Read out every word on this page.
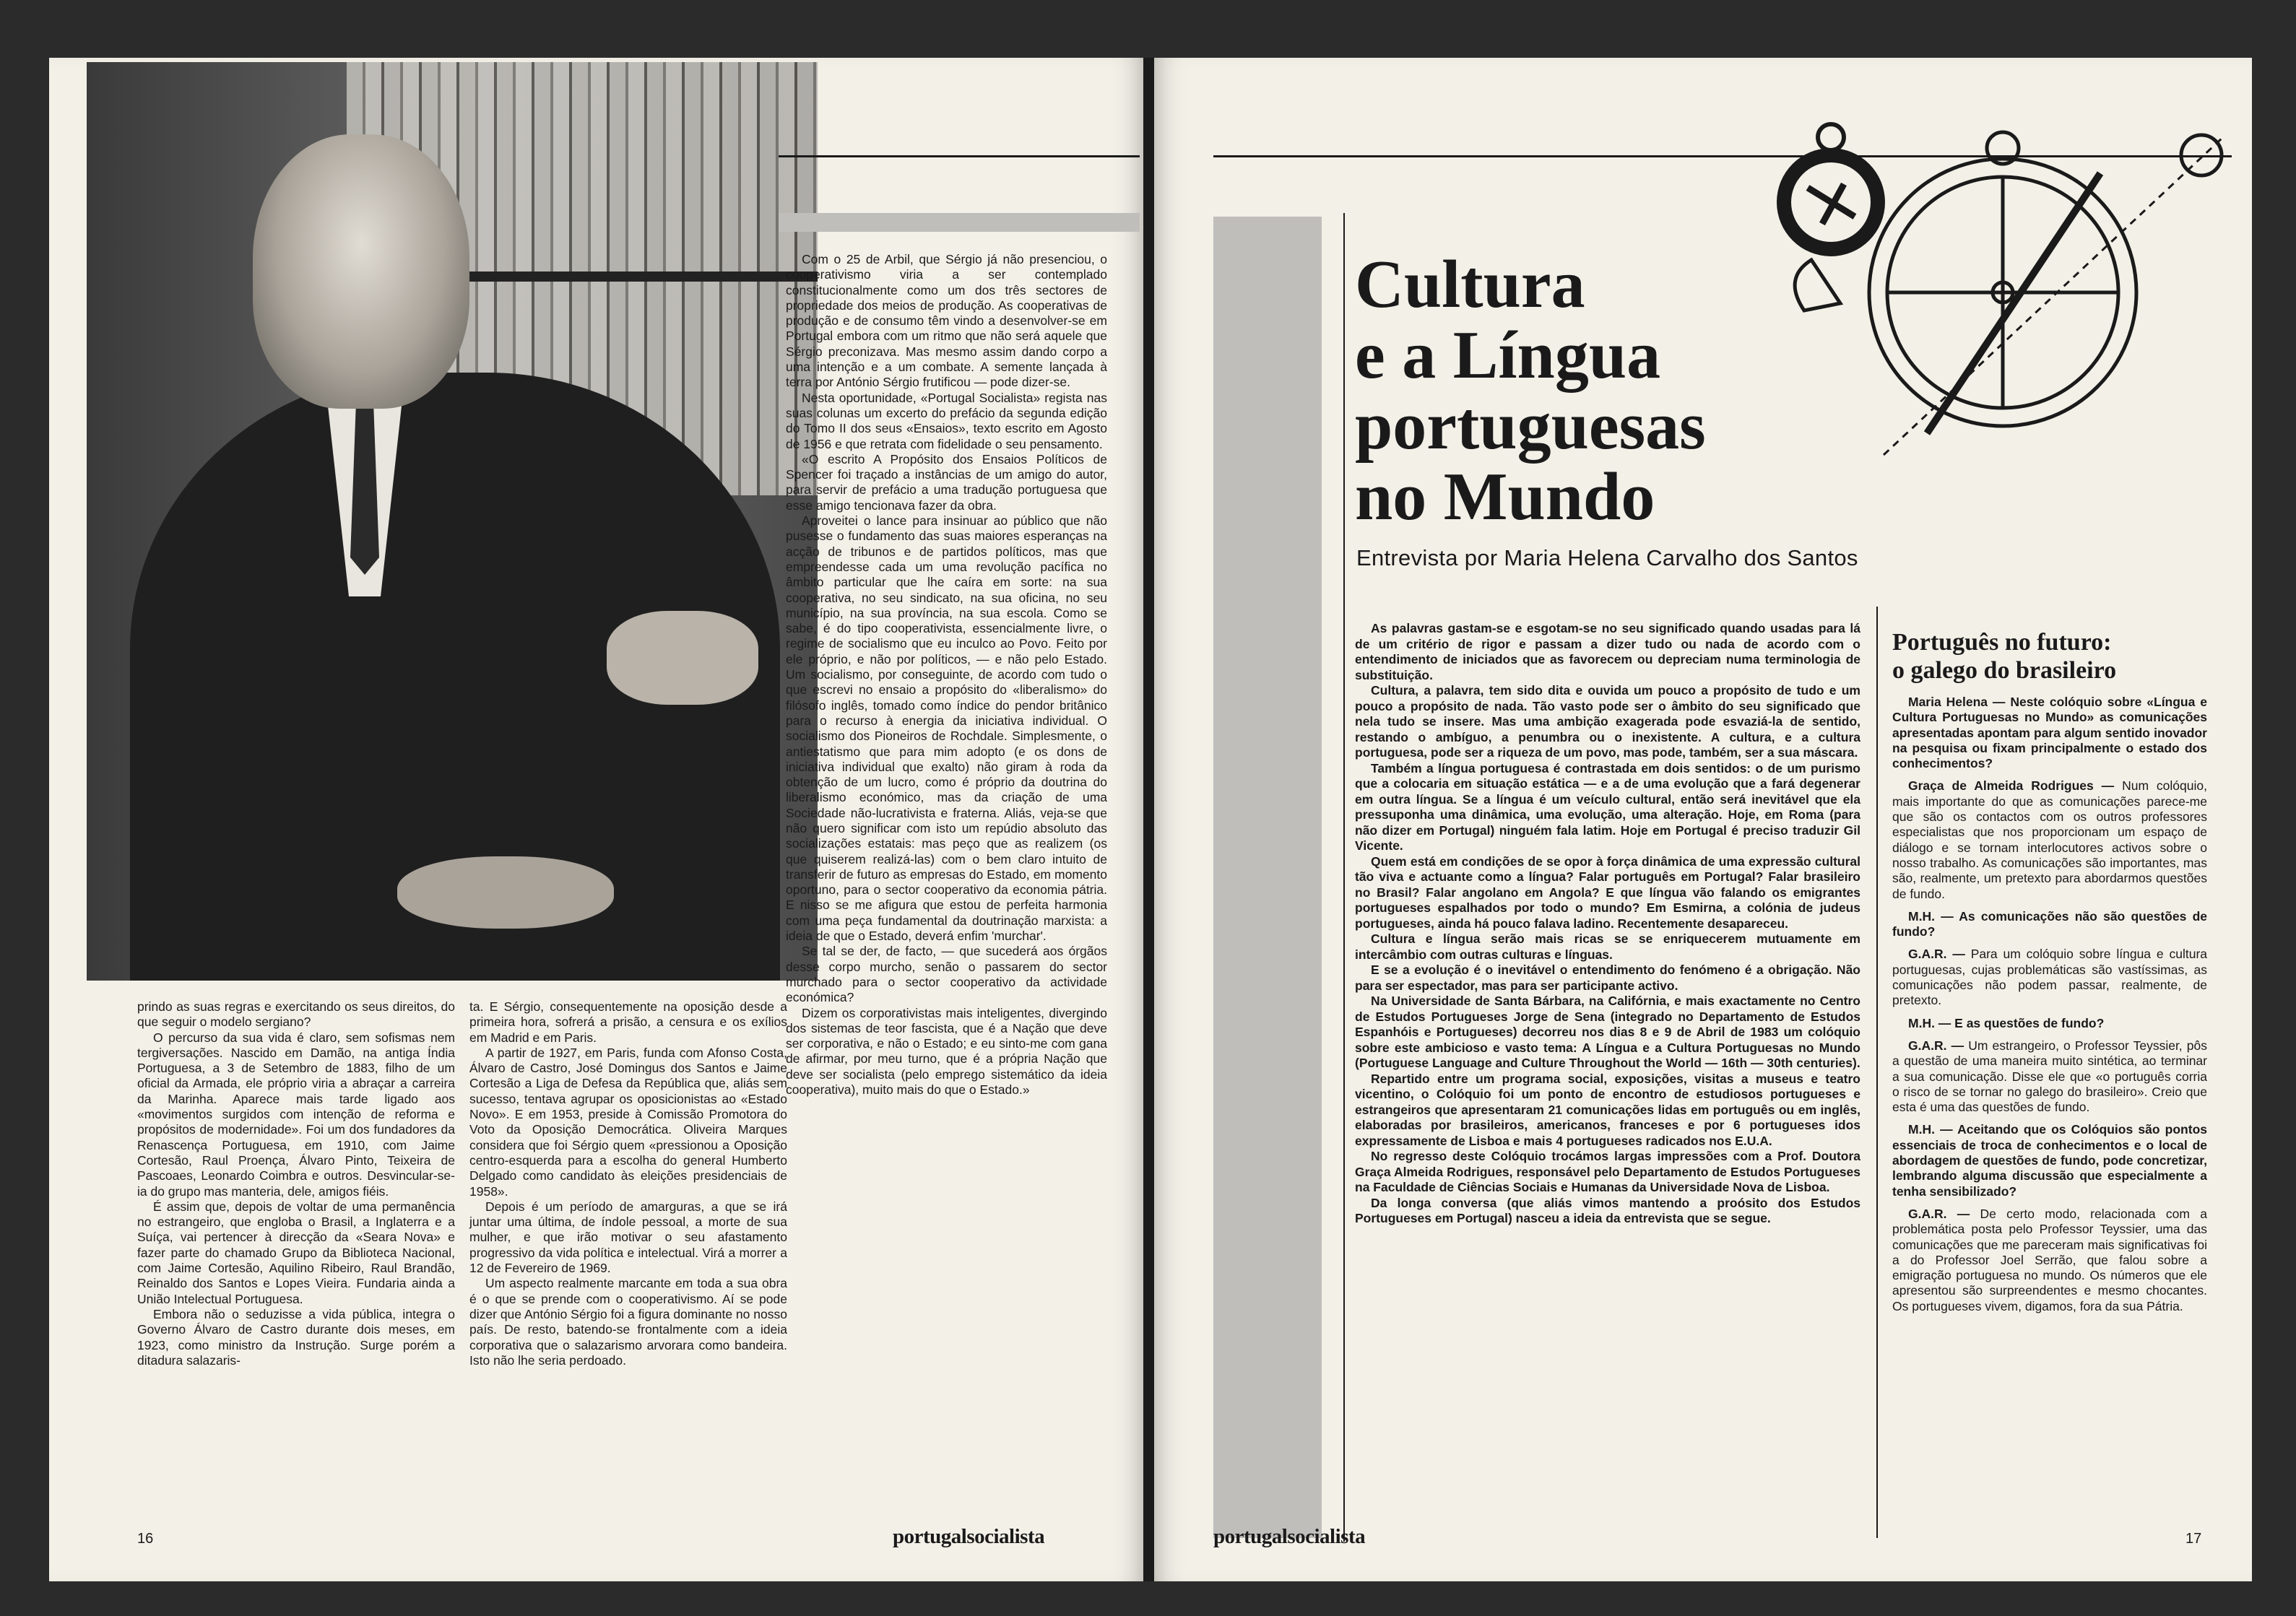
prindo as suas regras e exercitando os seus direitos, do que seguir o modelo sergiano?

O percurso da sua vida é claro, sem sofismas nem tergiversações. Nascido em Damão, na antiga Índia Portuguesa, a 3 de Setembro de 1883, filho de um oficial da Armada, ele próprio viria a abraçar a carreira da Marinha. Aparece mais tarde ligado aos «movimentos surgidos com intenção de reforma e propósitos de modernidade». Foi um dos fundadores da Renascença Portuguesa, em 1910, com Jaime Cortesão, Raul Proença, Álvaro Pinto, Teixeira de Pascoaes, Leonardo Coimbra e outros. Desvincular-se-ia do grupo mas manteria, dele, amigos fiéis.

É assim que, depois de voltar de uma permanência no estrangeiro, que engloba o Brasil, a Inglaterra e a Suíça, vai pertencer à direcção da «Seara Nova» e fazer parte do chamado Grupo da Biblioteca Nacional, com Jaime Cortesão, Aquilino Ribeiro, Raul Brandão, Reinaldo dos Santos e Lopes Vieira. Fundaria ainda a União Intelectual Portuguesa.

Embora não o seduzisse a vida pública, integra o Governo Álvaro de Castro durante dois meses, em 1923, como ministro da Instrução. Surge porém a ditadura salazaris-

ta. E Sérgio, consequentemente na oposição desde a primeira hora, sofrerá a prisão, a censura e os exílios em Madrid e em Paris.

A partir de 1927, em Paris, funda com Afonso Costa, Álvaro de Castro, José Domingus dos Santos e Jaime Cortesão a Liga de Defesa da República que, aliás sem sucesso, tentava agrupar os oposicionistas ao «Estado Novo». E em 1953, preside à Comissão Promotora do Voto da Oposição Democrática. Oliveira Marques considera que foi Sérgio quem «pressionou a Oposição centro-esquerda para a escolha do general Humberto Delgado como candidato às eleições presidenciais de 1958».

Depois é um período de amarguras, a que se irá juntar uma última, de índole pessoal, a morte de sua mulher, e que irão motivar o seu afastamento progressivo da vida política e intelectual. Virá a morrer a 12 de Fevereiro de 1969.

Um aspecto realmente marcante em toda a sua obra é o que se prende com o cooperativismo. Aí se pode dizer que António Sérgio foi a figura dominante no nosso país. De resto, batendo-se frontalmente com a ideia corporativa que o salazarismo arvorara como bandeira. Isto não lhe seria perdoado.

Com o 25 de Arbil, que Sérgio já não presenciou, o cooperativismo viria a ser contemplado constitucionalmente como um dos três sectores de propriedade dos meios de produção. As cooperativas de produção e de consumo têm vindo a desenvolver-se em Portugal embora com um ritmo que não será aquele que Sérgio preconizava. Mas mesmo assim dando corpo a uma intenção e a um combate. A semente lançada à terra por António Sérgio frutificou — pode dizer-se.

Nesta oportunidade, «Portugal Socialista» regista nas suas colunas um excerto do prefácio da segunda edição do Tomo II dos seus «Ensaios», texto escrito em Agosto de 1956 e que retrata com fidelidade o seu pensamento.

«O escrito A Propósito dos Ensaios Políticos de Spencer foi traçado a instâncias de um amigo do autor, para servir de prefácio a uma tradução portuguesa que esse amigo tencionava fazer da obra.

Aproveitei o lance para insinuar ao público que não pusesse o fundamento das suas maiores esperanças na acção de tribunos e de partidos políticos, mas que empreendesse cada um uma revolução pacífica no âmbito particular que lhe caíra em sorte: na sua cooperativa, no seu sindicato, na sua oficina, no seu município, na sua província, na sua escola. Como se sabe, é do tipo cooperativista, essencialmente livre, o regime de socialismo que eu inculco ao Povo. Feito por ele próprio, e não por políticos, — e não pelo Estado. Um socialismo, por conseguinte, de acordo com tudo o que escrevi no ensaio a propósito do «liberalismo» do filósofo inglês, tomado como índice do pendor britânico para o recurso à energia da iniciativa individual. O socialismo dos Pioneiros de Rochdale. Simplesmente, o antiestatismo que para mim adopto (e os dons de iniciativa individual que exalto) não giram à roda da obtenção de um lucro, como é próprio da doutrina do liberalismo económico, mas da criação de uma Sociedade não-lucrativista e fraterna. Aliás, veja-se que não quero significar com isto um repúdio absoluto das socializações estatais: mas peço que as realizem (os que quiserem realizá-las) com o bem claro intuito de transferir de futuro as empresas do Estado, em momento oportuno, para o sector cooperativo da economia pátria. E nisso se me afigura que estou de perfeita harmonia com uma peça fundamental da doutrinação marxista: a ideia de que o Estado, deverá enfim 'murchar'.

Se tal se der, de facto, — que sucederá aos órgãos desse corpo murcho, senão o passarem do sector murchado para o sector cooperativo da actividade económica?

Dizem os corporativistas mais inteligentes, divergindo dos sistemas de teor fascista, que é a Nação que deve ser corporativa, e não o Estado; e eu sinto-me com gana de afirmar, por meu turno, que é a própria Nação que deve ser socialista (pelo emprego sistemático da ideia cooperativa), muito mais do que o Estado.»

16	portugalsocialista
Cultura
e a Língua
portuguesas
no Mundo
Entrevista por Maria Helena Carvalho dos Santos

As palavras gastam-se e esgotam-se no seu significado quando usadas para lá de um critério de rigor e passam a dizer tudo ou nada de acordo com o entendimento de iniciados que as favorecem ou depreciam numa terminologia de substituição.

Cultura, a palavra, tem sido dita e ouvida um pouco a propósito de tudo e um pouco a propósito de nada. Tão vasto pode ser o âmbito do seu significado que nela tudo se insere. Mas uma ambição exagerada pode esvaziá-la de sentido, restando o ambíguo, a penumbra ou o inexistente. A cultura, e a cultura portuguesa, pode ser a riqueza de um povo, mas pode, também, ser a sua máscara.

Também a língua portuguesa é contrastada em dois sentidos: o de um purismo que a colocaria em situação estática — e a de uma evolução que a fará degenerar em outra língua. Se a língua é um veículo cultural, então será inevitável que ela pressuponha uma dinâmica, uma evolução, uma alteração. Hoje, em Roma (para não dizer em Portugal) ninguém fala latim. Hoje em Portugal é preciso traduzir Gil Vicente.

Quem está em condições de se opor à força dinâmica de uma expressão cultural tão viva e actuante como a língua? Falar português em Portugal? Falar brasileiro no Brasil? Falar angolano em Angola? E que língua vão falando os emigrantes portugueses espalhados por todo o mundo? Em Esmirna, a colónia de judeus portugueses, ainda há pouco falava ladino. Recentemente desapareceu.

Cultura e língua serão mais ricas se se enriquecerem mutuamente em intercâmbio com outras culturas e línguas.

E se a evolução é o inevitável o entendimento do fenómeno é a obrigação. Não para ser espectador, mas para ser participante activo.

Na Universidade de Santa Bárbara, na Califórnia, e mais exactamente no Centro de Estudos Portugueses Jorge de Sena (integrado no Departamento de Estudos Espanhóis e Portugueses) decorreu nos dias 8 e 9 de Abril de 1983 um colóquio sobre este ambicioso e vasto tema: A Língua e a Cultura Portuguesas no Mundo (Portuguese Language and Culture Throughout the World — 16th — 30th centuries).

Repartido entre um programa social, exposições, visitas a museus e teatro vicentino, o Colóquio foi um ponto de encontro de estudiosos portugueses e estrangeiros que apresentaram 21 comunicações lidas em português ou em inglês, elaboradas por brasileiros, americanos, franceses e por 6 portugueses idos expressamente de Lisboa e mais 4 portugueses radicados nos E.U.A.

No regresso deste Colóquio trocámos largas impressões com a Prof. Doutora Graça Almeida Rodrigues, responsável pelo Departamento de Estudos Portugueses na Faculdade de Ciências Sociais e Humanas da Universidade Nova de Lisboa.

Da longa conversa (que aliás vimos mantendo a proósito dos Estudos Portugueses em Portugal) nasceu a ideia da entrevista que se segue.

Português no futuro:
o galego do brasileiro

Maria Helena — Neste colóquio sobre «Língua e Cultura Portuguesas no Mundo» as comunicações apresentadas apontam para algum sentido inovador na pesquisa ou fixam principalmente o estado dos conhecimentos?

Graça de Almeida Rodrigues — Num colóquio, mais importante do que as comunicações parece-me que são os contactos com os outros professores especialistas que nos proporcionam um espaço de diálogo e se tornam interlocutores activos sobre o nosso trabalho. As comunicações são importantes, mas são, realmente, um pretexto para abordarmos questões de fundo.

M.H. — As comunicações não são questões de fundo?

G.A.R. — Para um colóquio sobre língua e cultura portuguesas, cujas problemáticas são vastíssimas, as comunicações não podem passar, realmente, de pretexto.

M.H. — E as questões de fundo?

G.A.R. — Um estrangeiro, o Professor Teyssier, pôs a questão de uma maneira muito sintética, ao terminar a sua comunicação. Disse ele que «o português corria o risco de se tornar no galego do brasileiro». Creio que esta é uma das questões de fundo.

M.H. — Aceitando que os Colóquios são pontos essenciais de troca de conhecimentos e o local de abordagem de questões de fundo, pode concretizar, lembrando alguma discussão que especialmente a tenha sensibilizado?

G.A.R. — De certo modo, relacionada com a problemática posta pelo Professor Teyssier, uma das comunicações que me pareceram mais significativas foi a do Professor Joel Serrão, que falou sobre a emigração portuguesa no mundo. Os números que ele apresentou são surpreendentes e mesmo chocantes. Os portugueses vivem, digamos, fora da sua Pátria.

portugalsocialista	17
